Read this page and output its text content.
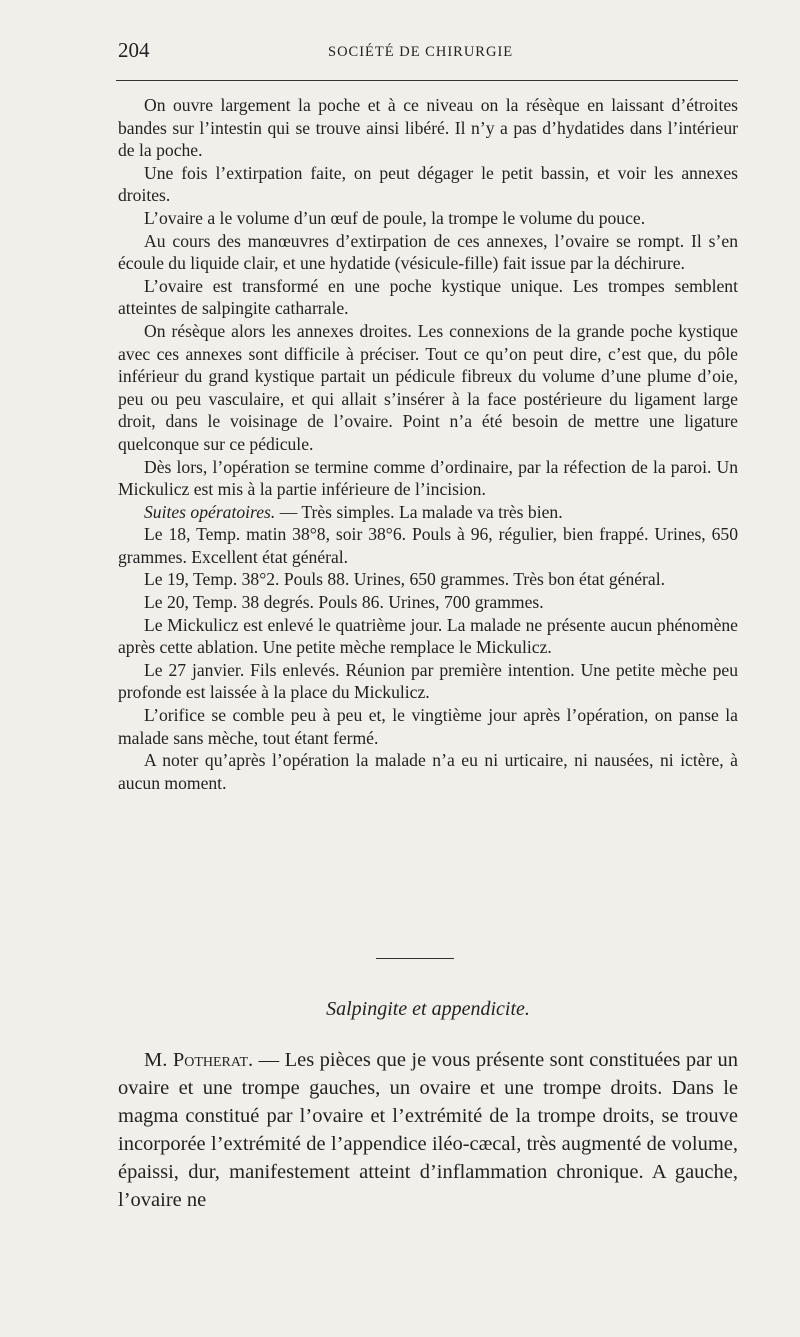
204	SOCIÉTÉ DE CHIRURGIE

On ouvre largement la poche et à ce niveau on la résèque en laissant d’étroites bandes sur l’intestin qui se trouve ainsi libéré. Il n’y a pas d’hydatides dans l’intérieur de la poche.

Une fois l’extirpation faite, on peut dégager le petit bassin, et voir les annexes droites.

L’ovaire a le volume d’un œuf de poule, la trompe le volume du pouce.

Au cours des manœuvres d’extirpation de ces annexes, l’ovaire se rompt. Il s’en écoule du liquide clair, et une hydatide (vésicule-fille) fait issue par la déchirure.

L’ovaire est transformé en une poche kystique unique. Les trompes semblent atteintes de salpingite catharrale.

On résèque alors les annexes droites. Les connexions de la grande poche kystique avec ces annexes sont difficile à préciser. Tout ce qu’on peut dire, c’est que, du pôle inférieur du grand kystique partait un pédicule fibreux du volume d’une plume d’oie, peu ou peu vasculaire, et qui allait s’insérer à la face postérieure du ligament large droit, dans le voisinage de l’ovaire. Point n’a été besoin de mettre une ligature quelconque sur ce pédicule.

Dès lors, l’opération se termine comme d’ordinaire, par la réfection de la paroi. Un Mickulicz est mis à la partie inférieure de l’incision.

Suites opératoires. — Très simples. La malade va très bien.

Le 18, Temp. matin 38°8, soir 38°6. Pouls à 96, régulier, bien frappé. Urines, 650 grammes. Excellent état général.

Le 19, Temp. 38°2. Pouls 88. Urines, 650 grammes. Très bon état général.

Le 20, Temp. 38 degrés. Pouls 86. Urines, 700 grammes.

Le Mickulicz est enlevé le quatrième jour. La malade ne présente aucun phénomène après cette ablation. Une petite mèche remplace le Mickulicz.

Le 27 janvier. Fils enlevés. Réunion par première intention. Une petite mèche peu profonde est laissée à la place du Mickulicz.

L’orifice se comble peu à peu et, le vingtième jour après l’opération, on panse la malade sans mèche, tout étant fermé.

A noter qu’après l’opération la malade n’a eu ni urticaire, ni nausées, ni ictère, à aucun moment.

Salpingite et appendicite.

M. Potherat. — Les pièces que je vous présente sont constituées par un ovaire et une trompe gauches, un ovaire et une trompe droits. Dans le magma constitué par l’ovaire et l’extrémité de la trompe droits, se trouve incorporée l’extrémité de l’appendice iléo-cæcal, très augmenté de volume, épaissi, dur, manifestement atteint d’inflammation chronique. A gauche, l’ovaire ne
